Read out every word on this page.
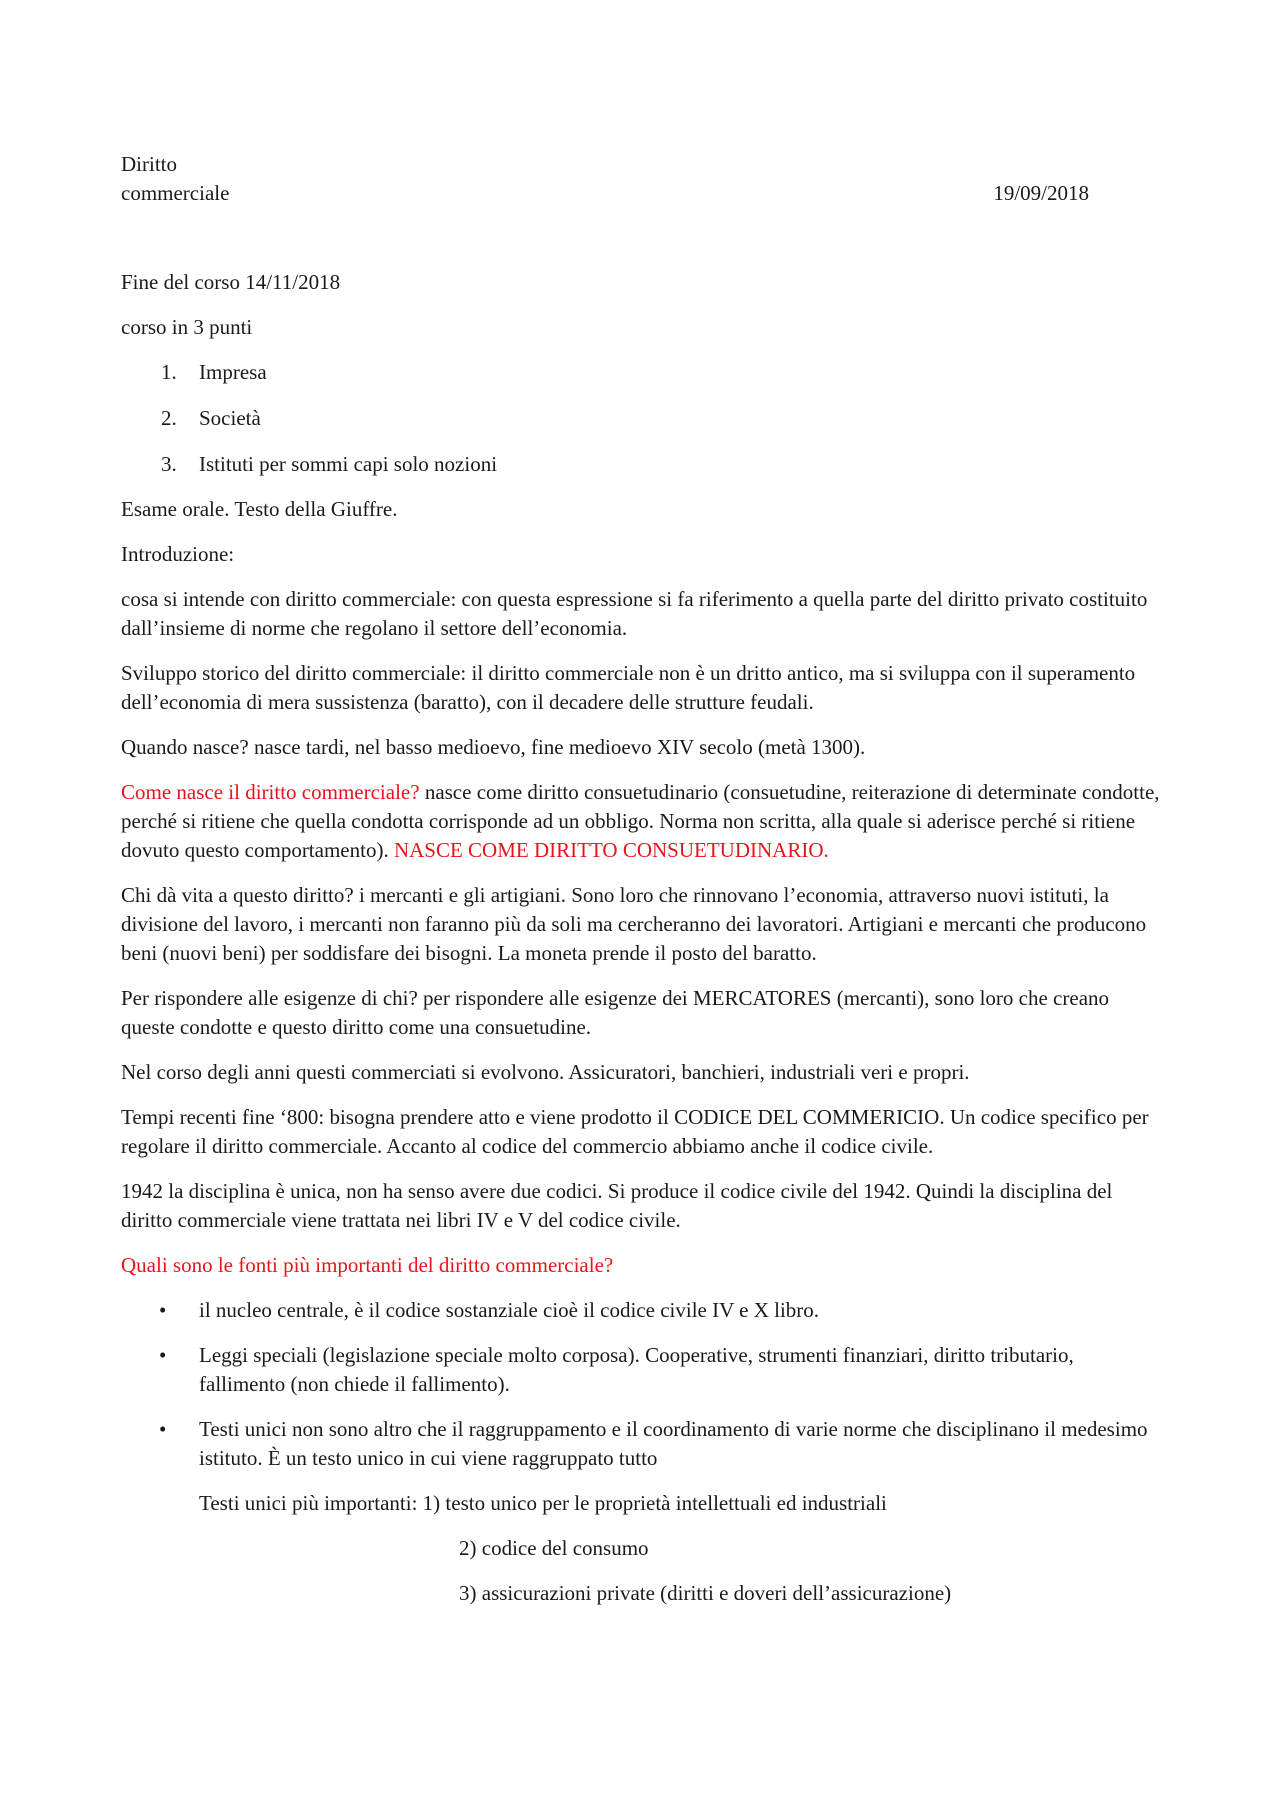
Diritto

commerciale	19/09/2018

Fine del corso 14/11/2018

corso in 3 punti

1.	Impresa
2.	Società
3.	Istituti per sommi capi solo nozioni

Esame orale. Testo della Giuffre.

Introduzione:

cosa si intende con diritto commerciale: con questa espressione si fa riferimento a quella parte del diritto privato costituito dall’insieme di norme che regolano il settore dell’economia.

Sviluppo storico del diritto commerciale: il diritto commerciale non è un dritto antico, ma si sviluppa con il superamento dell’economia di mera sussistenza (baratto), con il decadere delle strutture feudali.

Quando nasce? nasce tardi, nel basso medioevo, fine medioevo XIV secolo (metà 1300).

Come nasce il diritto commerciale? nasce come diritto consuetudinario (consuetudine, reiterazione di determinate condotte, perché si ritiene che quella condotta corrisponde ad un obbligo. Norma non scritta, alla quale si aderisce perché si ritiene dovuto questo comportamento). NASCE COME DIRITTO CONSUETUDINARIO.

Chi dà vita a questo diritto? i mercanti e gli artigiani. Sono loro che rinnovano l’economia, attraverso nuovi istituti, la divisione del lavoro, i mercanti non faranno più da soli ma cercheranno dei lavoratori. Artigiani e mercanti che producono beni (nuovi beni) per soddisfare dei bisogni. La moneta prende il posto del baratto.

Per rispondere alle esigenze di chi? per rispondere alle esigenze dei MERCATORES (mercanti), sono loro che creano queste condotte e questo diritto come una consuetudine.

Nel corso degli anni questi commerciati si evolvono. Assicuratori, banchieri, industriali veri e propri.

Tempi recenti fine ‘800: bisogna prendere atto e viene prodotto il CODICE DEL COMMERICIO. Un codice specifico per regolare il diritto commerciale. Accanto al codice del commercio abbiamo anche il codice civile.

1942 la disciplina è unica, non ha senso avere due codici. Si produce il codice civile del 1942. Quindi la disciplina del diritto commerciale viene trattata nei libri IV e V del codice civile.

Quali sono le fonti più importanti del diritto commerciale?

•	il nucleo centrale, è il codice sostanziale cioè il codice civile IV e X libro.
•	Leggi speciali (legislazione speciale molto corposa). Cooperative, strumenti finanziari, diritto tributario, fallimento (non chiede il fallimento).
•	Testi unici non sono altro che il raggruppamento e il coordinamento di varie norme che disciplinano il medesimo istituto. È un testo unico in cui viene raggruppato tutto

Testi unici più importanti: 1) testo unico per le proprietà intellettuali ed industriali

2) codice del consumo

3) assicurazioni private (diritti e doveri dell’assicurazione)
